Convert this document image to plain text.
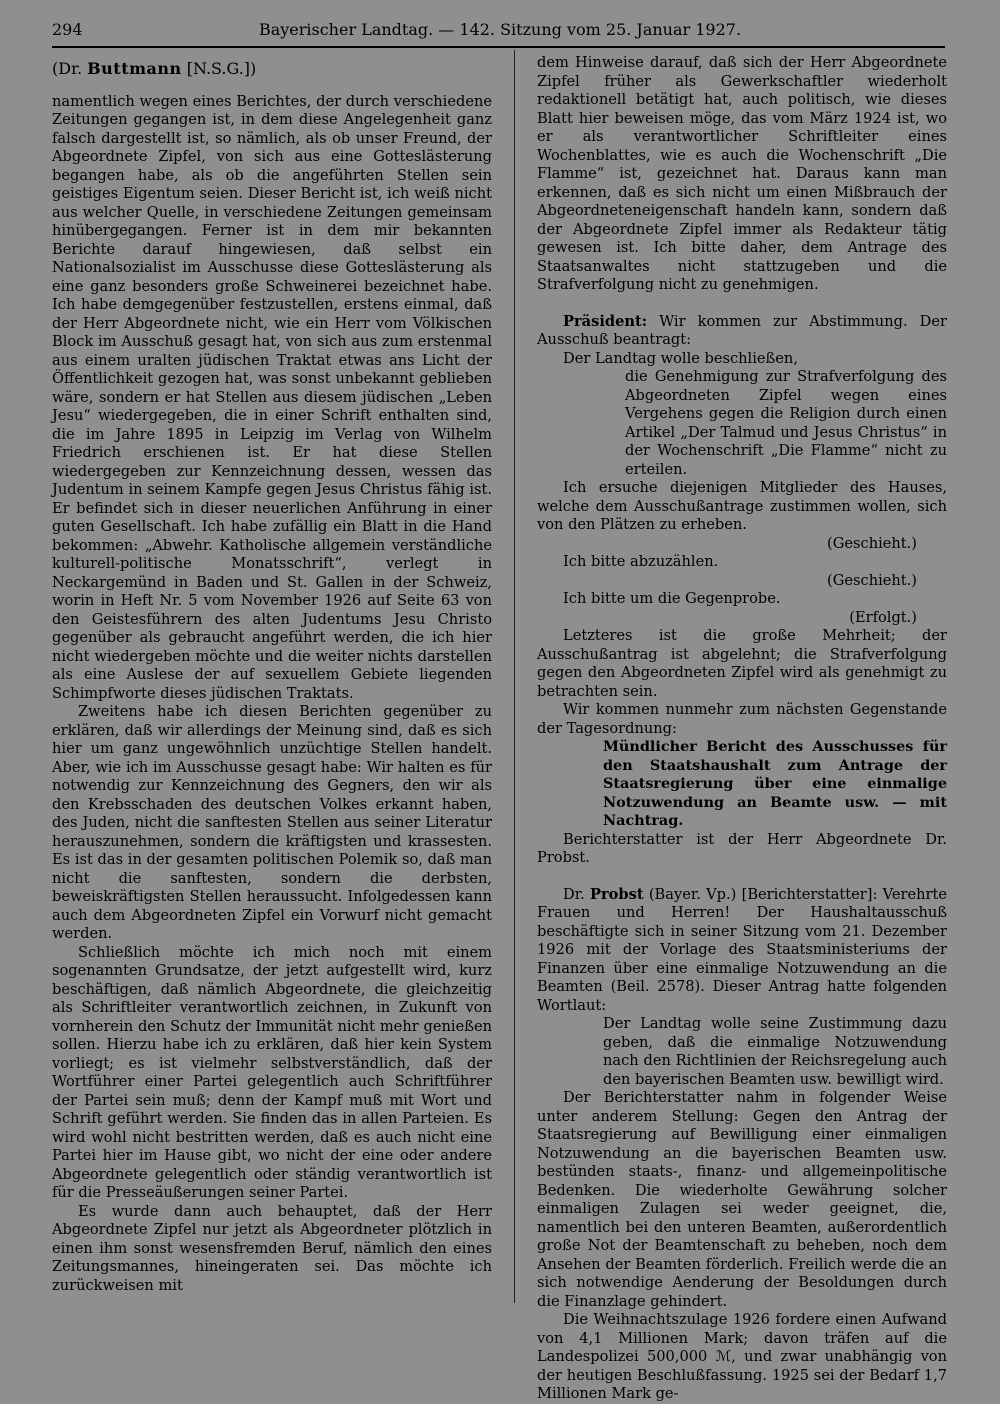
294	Bayerischer Landtag. — 142. Sitzung vom 25. Januar 1927.

(Dr. Buttmann [N.S.G.])

namentlich wegen eines Berichtes, der durch verschiedene Zeitungen gegangen ist, in dem diese Angelegenheit ganz falsch dargestellt ist, so nämlich, als ob unser Freund, der Abgeordnete Zipfel, von sich aus eine Gotteslästerung begangen habe, als ob die angeführten Stellen sein geistiges Eigentum seien. Dieser Bericht ist, ich weiß nicht aus welcher Quelle, in verschiedene Zeitungen gemeinsam hinübergegangen. Ferner ist in dem mir bekannten Berichte darauf hingewiesen, daß selbst ein Nationalsozialist im Ausschusse diese Gotteslästerung als eine ganz besonders große Schweinerei bezeichnet habe. Ich habe demgegenüber festzustellen, erstens einmal, daß der Herr Abgeordnete nicht, wie ein Herr vom Völkischen Block im Ausschuß gesagt hat, von sich aus zum erstenmal aus einem uralten jüdischen Traktat etwas ans Licht der Öffentlichkeit gezogen hat, was sonst unbekannt geblieben wäre, sondern er hat Stellen aus diesem jüdischen „Leben Jesu“ wiedergegeben, die in einer Schrift enthalten sind, die im Jahre 1895 in Leipzig im Verlag von Wilhelm Friedrich erschienen ist. Er hat diese Stellen wiedergegeben zur Kennzeichnung dessen, wessen das Judentum in seinem Kampfe gegen Jesus Christus fähig ist. Er befindet sich in dieser neuerlichen Anführung in einer guten Gesellschaft. Ich habe zufällig ein Blatt in die Hand bekommen: „Abwehr. Katholische allgemein verständliche kulturell-politische Monatsschrift“, verlegt in Neckargemünd in Baden und St. Gallen in der Schweiz, worin in Heft Nr. 5 vom November 1926 auf Seite 63 von den Geistesführern des alten Judentums Jesu Christo gegenüber als gebraucht angeführt werden, die ich hier nicht wiedergeben möchte und die weiter nichts darstellen als eine Auslese der auf sexuellem Gebiete liegenden Schimpfworte dieses jüdischen Traktats.

Zweitens habe ich diesen Berichten gegenüber zu erklären, daß wir allerdings der Meinung sind, daß es sich hier um ganz ungewöhnlich unzüchtige Stellen handelt. Aber, wie ich im Ausschusse gesagt habe: Wir halten es für notwendig zur Kennzeichnung des Gegners, den wir als den Krebsschaden des deutschen Volkes erkannt haben, des Juden, nicht die sanftesten Stellen aus seiner Literatur herauszunehmen, sondern die kräftigsten und krassesten. Es ist das in der gesamten politischen Polemik so, daß man nicht die sanftesten, sondern die derbsten, beweiskräftigsten Stellen heraussucht. Infolgedessen kann auch dem Abgeordneten Zipfel ein Vorwurf nicht gemacht werden.

Schließlich möchte ich mich noch mit einem sogenannten Grundsatze, der jetzt aufgestellt wird, kurz beschäftigen, daß nämlich Abgeordnete, die gleichzeitig als Schriftleiter verantwortlich zeichnen, in Zukunft von vornherein den Schutz der Immunität nicht mehr genießen sollen. Hierzu habe ich zu erklären, daß hier kein System vorliegt; es ist vielmehr selbstverständlich, daß der Wortführer einer Partei gelegentlich auch Schriftführer der Partei sein muß; denn der Kampf muß mit Wort und Schrift geführt werden. Sie finden das in allen Parteien. Es wird wohl nicht bestritten werden, daß es auch nicht eine Partei hier im Hause gibt, wo nicht der eine oder andere Abgeordnete gelegentlich oder ständig verantwortlich ist für die Presseäußerungen seiner Partei.

Es wurde dann auch behauptet, daß der Herr Abgeordnete Zipfel nur jetzt als Abgeordneter plötzlich in einen ihm sonst wesensfremden Beruf, nämlich den eines Zeitungsmannes, hineingeraten sei. Das möchte ich zurückweisen mit

dem Hinweise darauf, daß sich der Herr Abgeordnete Zipfel früher als Gewerkschaftler wiederholt redaktionell betätigt hat, auch politisch, wie dieses Blatt hier beweisen möge, das vom März 1924 ist, wo er als verantwortlicher Schriftleiter eines Wochenblattes, wie es auch die Wochenschrift „Die Flamme“ ist, gezeichnet hat. Daraus kann man erkennen, daß es sich nicht um einen Mißbrauch der Abgeordneteneigenschaft handeln kann, sondern daß der Abgeordnete Zipfel immer als Redakteur tätig gewesen ist. Ich bitte daher, dem Antrage des Staatsanwaltes nicht stattzugeben und die Strafverfolgung nicht zu genehmigen.

Präsident: Wir kommen zur Abstimmung. Der Ausschuß beantragt:

Der Landtag wolle beschließen,

die Genehmigung zur Strafverfolgung des Abgeordneten Zipfel wegen eines Vergehens gegen die Religion durch einen Artikel „Der Talmud und Jesus Christus“ in der Wochenschrift „Die Flamme“ nicht zu erteilen.

Ich ersuche diejenigen Mitglieder des Hauses, welche dem Ausschußantrage zustimmen wollen, sich von den Plätzen zu erheben.

(Geschieht.)

Ich bitte abzuzählen.

(Geschieht.)

Ich bitte um die Gegenprobe.

(Erfolgt.)

Letzteres ist die große Mehrheit; der Ausschußantrag ist abgelehnt; die Strafverfolgung gegen den Abgeordneten Zipfel wird als genehmigt zu betrachten sein.

Wir kommen nunmehr zum nächsten Gegenstande der Tagesordnung:

Mündlicher Bericht des Ausschusses für den Staatshaushalt zum Antrage der Staatsregierung über eine einmalige Notzuwendung an Beamte usw. — mit Nachtrag.

Berichterstatter ist der Herr Abgeordnete Dr. Probst.

Dr. Probst (Bayer. Vp.) [Berichterstatter]: Verehrte Frauen und Herren! Der Haushaltausschuß beschäftigte sich in seiner Sitzung vom 21. Dezember 1926 mit der Vorlage des Staatsministeriums der Finanzen über eine einmalige Notzuwendung an die Beamten (Beil. 2578). Dieser Antrag hatte folgenden Wortlaut:

Der Landtag wolle seine Zustimmung dazu geben, daß die einmalige Notzuwendung nach den Richtlinien der Reichsregelung auch den bayerischen Beamten usw. bewilligt wird.

Der Berichterstatter nahm in folgender Weise unter anderem Stellung: Gegen den Antrag der Staatsregierung auf Bewilligung einer einmaligen Notzuwendung an die bayerischen Beamten usw. bestünden staats-, finanz- und allgemeinpolitische Bedenken. Die wiederholte Gewährung solcher einmaligen Zulagen sei weder geeignet, die, namentlich bei den unteren Beamten, außerordentlich große Not der Beamtenschaft zu beheben, noch dem Ansehen der Beamten förderlich. Freilich werde die an sich notwendige Aenderung der Besoldungen durch die Finanzlage gehindert.

Die Weihnachtszulage 1926 fordere einen Aufwand von 4,1 Millionen Mark; davon träfen auf die Landespolizei 500,000 ℳ, und zwar unabhängig von der heutigen Beschlußfassung. 1925 sei der Bedarf 1,7 Millionen Mark ge-
